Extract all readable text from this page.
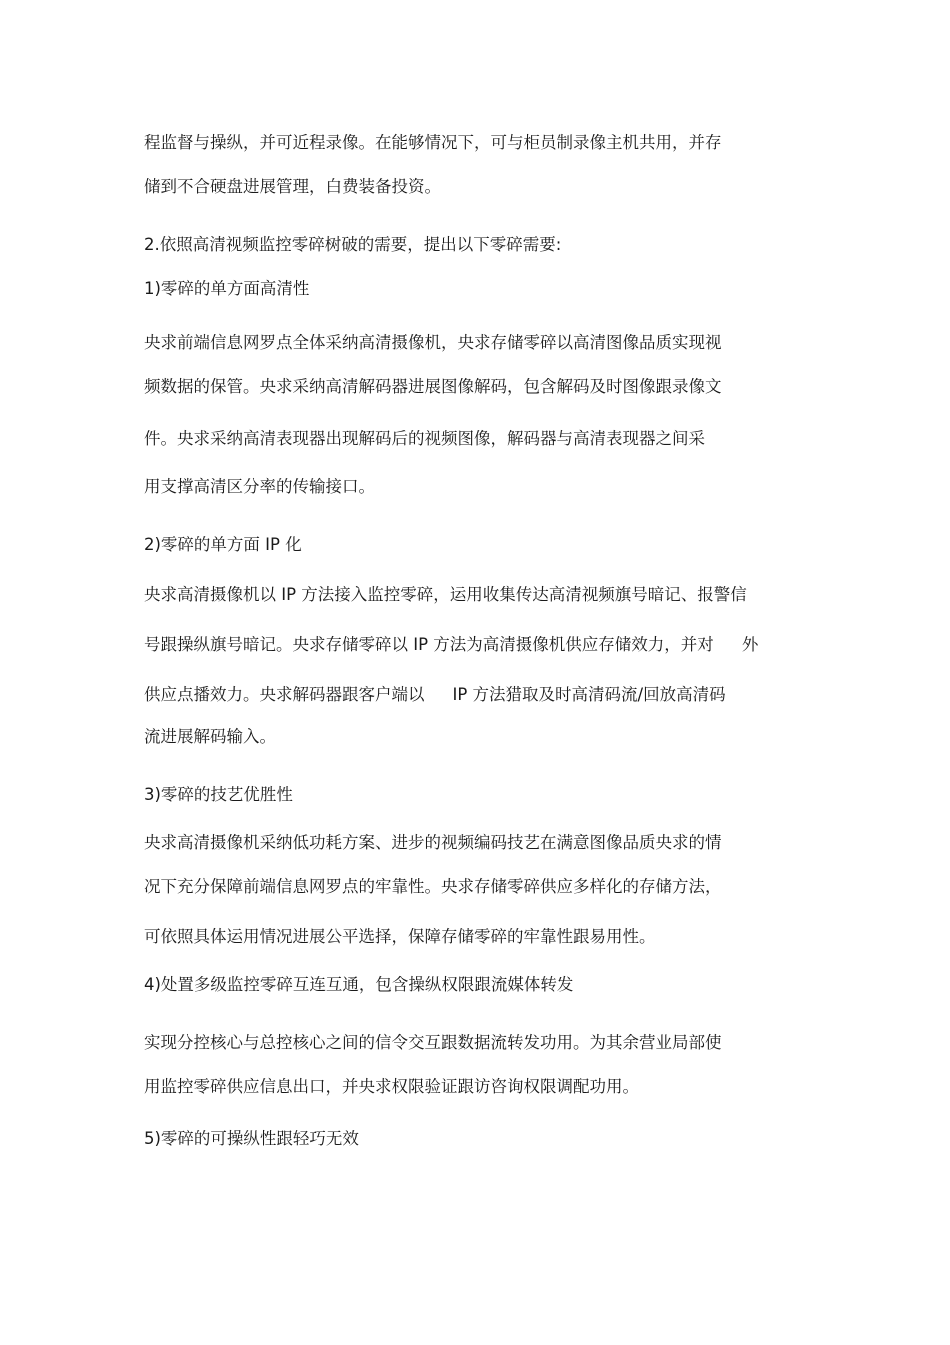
程监督与操纵，并可近程录像。在能够情况下，可与柜员制录像主机共用，并存

储到不合硬盘进展管理，白费装备投资。

2.依照高清视频监控零碎树破的需要，提出以下零碎需要:

1)零碎的单方面高清性

央求前端信息网罗点全体采纳高清摄像机，央求存储零碎以高清图像品质实现视

频数据的保管。央求采纳高清解码器进展图像解码，包含解码及时图像跟录像文

件。央求采纳高清表现器出现解码后的视频图像，解码器与高清表现器之间采

用支撑高清区分率的传输接口。

2)零碎的单方面 IP 化

央求高清摄像机以 IP 方法接入监控零碎，运用收集传达高清视频旗号暗记、报警信

号跟操纵旗号暗记。央求存储零碎以 IP 方法为高清摄像机供应存储效力，并对 外

供应点播效力。央求解码器跟客户端以 IP 方法猎取及时高清码流/回放高清码

流进展解码输入。

3)零碎的技艺优胜性

央求高清摄像机采纳低功耗方案、进步的视频编码技艺在满意图像品质央求的情

况下充分保障前端信息网罗点的牢靠性。央求存储零碎供应多样化的存储方法，

可依照具体运用情况进展公平选择，保障存储零碎的牢靠性跟易用性。

4)处置多级监控零碎互连互通，包含操纵权限跟流媒体转发

实现分控核心与总控核心之间的信令交互跟数据流转发功用。为其余营业局部使

用监控零碎供应信息出口，并央求权限验证跟访咨询权限调配功用。

5)零碎的可操纵性跟轻巧无效
